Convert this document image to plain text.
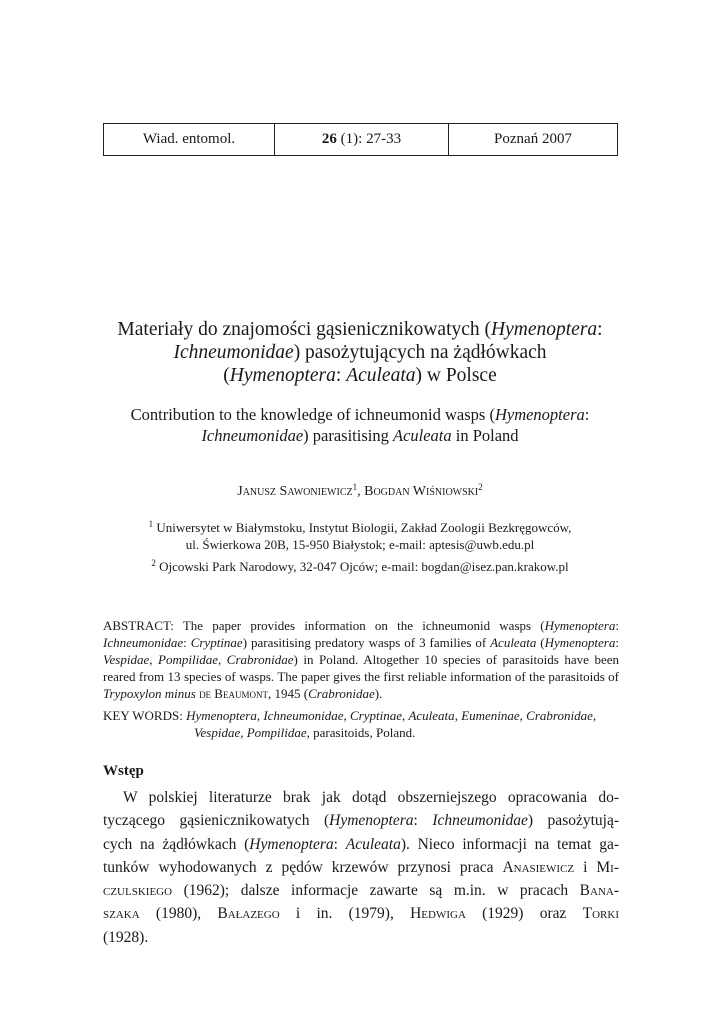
Wiad. entomol.	26 (1): 27-33	Poznań 2007
Materiały do znajomości gąsienicznikowatych (Hymenoptera:
Ichneumonidae) pasożytujących na żądłówkach
(Hymenoptera: Aculeata) w Polsce
Contribution to the knowledge of ichneumonid wasps (Hymenoptera:
Ichneumonidae) parasitising Aculeata in Poland
Janusz Sawoniewicz$^1$, Bogdan Wiśniowski$^2$
$^1$ Uniwersytet w Białymstoku, Instytut Biologii, Zakład Zoologii Bezkręgowców,
ul. Świerkowa 20B, 15-950 Białystok; e-mail: aptesis@uwb.edu.pl
$^2$ Ojcowski Park Narodowy, 32-047 Ojców; e-mail: bogdan@isez.pan.krakow.pl
ABSTRACT: The paper provides information on the ichneumonid wasps (Hymenoptera: Ichneumonidae: Cryptinae) parasitising predatory wasps of 3 families of Aculeata (Hymenoptera: Vespidae, Pompilidae, Crabronidae) in Poland. Altogether 10 species of parasitoids have been reared from 13 species of wasps. The paper gives the first reliable information of the parasitoids of Trypoxylon minus de Beaumont, 1945 (Crabronidae).
KEY WORDS: Hymenoptera, Ichneumonidae, Cryptinae, Aculeata, Eumeninae, Crabronidae,
Vespidae, Pompilidae, parasitoids, Poland.
Wstęp
W polskiej literaturze brak jak dotąd obszerniejszego opracowania do-
tyczącego gąsienicznikowatych (Hymenoptera: Ichneumonidae) pasożytują-
cych na żądłówkach (Hymenoptera: Aculeata). Nieco informacji na temat ga-
tunków wyhodowanych z pędów krzewów przynosi praca Anasiewicz i Mi-
czulskiego (1962); dalsze informacje zawarte są m.in. w pracach Bana-
szaka (1980), Bałazego i in. (1979), Hedwiga (1929) oraz Torki
(1928).
